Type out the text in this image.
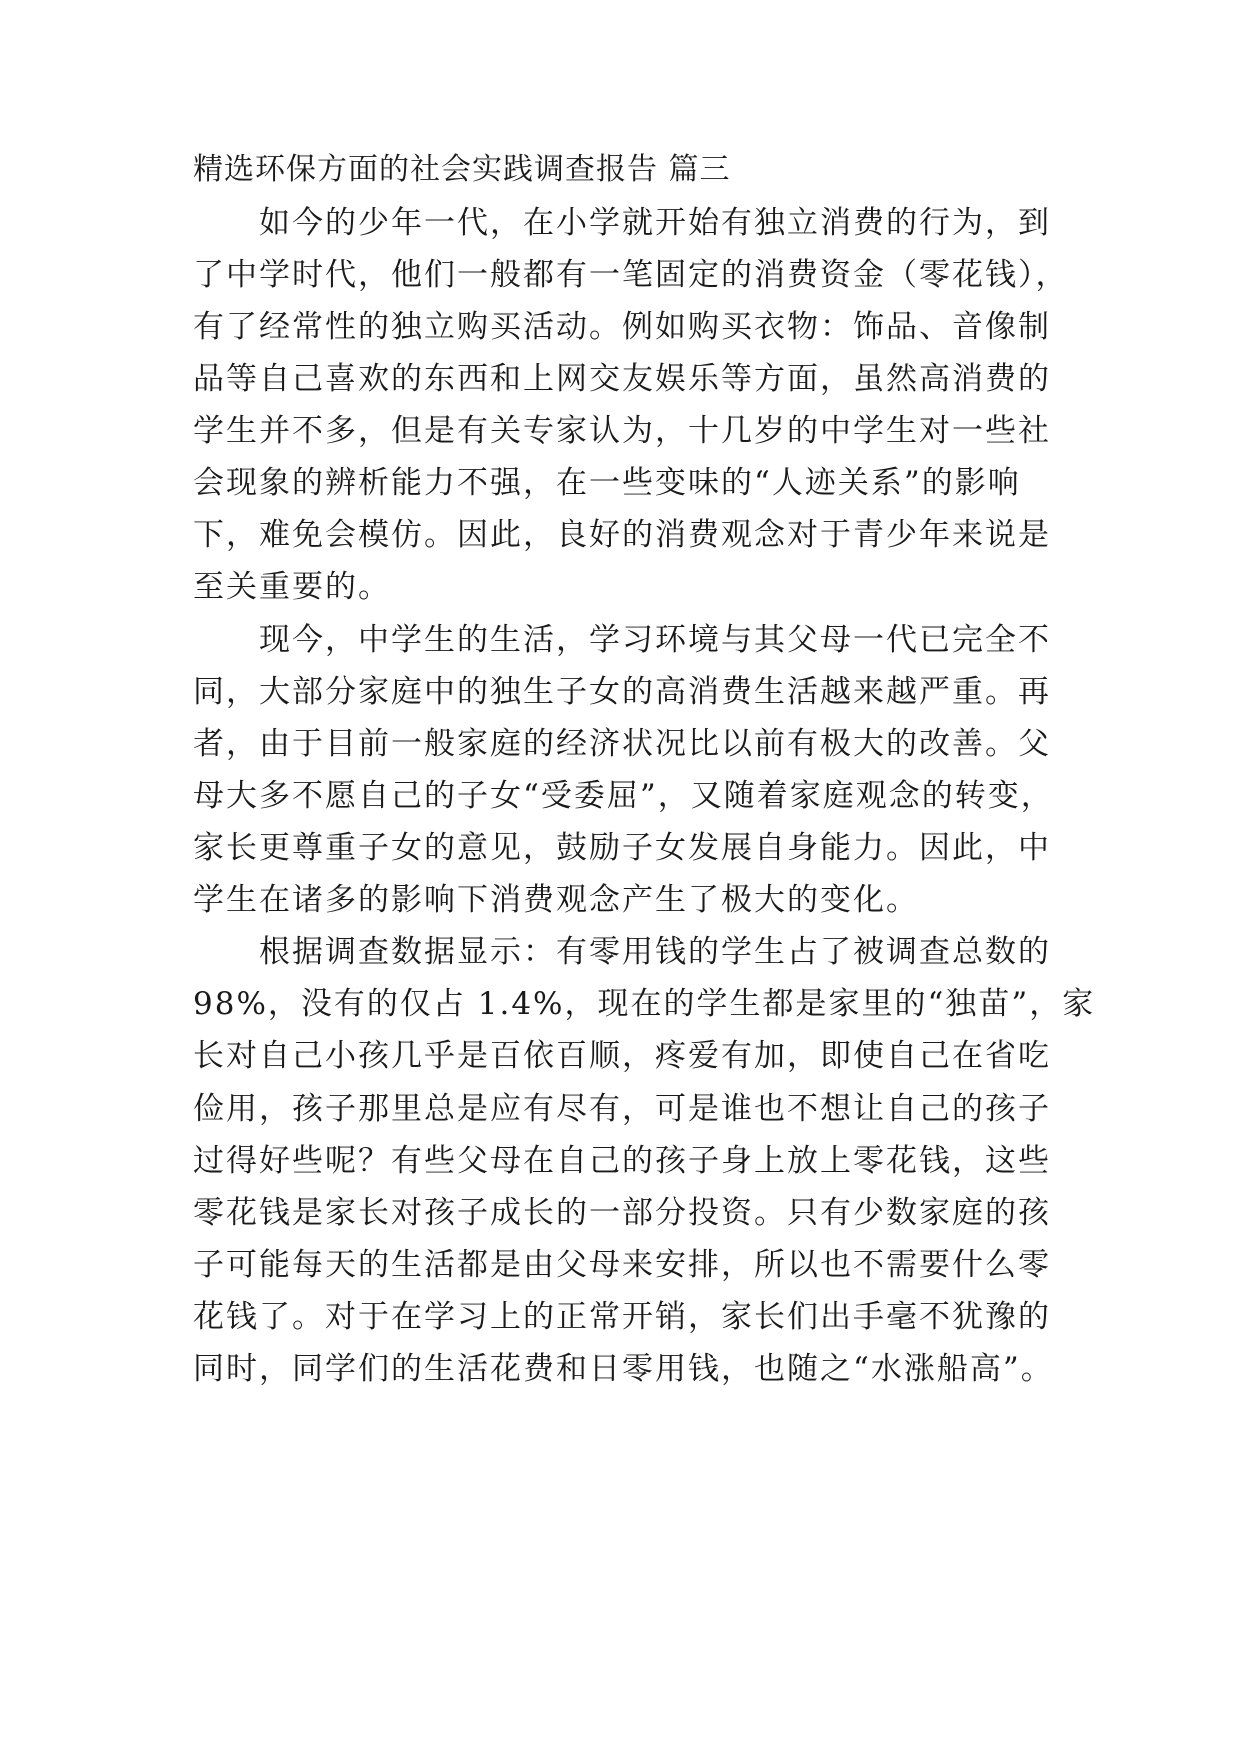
精选环保方面的社会实践调查报告 篇三
　　如今的少年一代，在小学就开始有独立消费的行为，到
了中学时代，他们一般都有一笔固定的消费资金（零花钱），
有了经常性的独立购买活动。例如购买衣物：饰品、音像制
品等自己喜欢的东西和上网交友娱乐等方面，虽然高消费的
学生并不多，但是有关专家认为，十几岁的中学生对一些社
会现象的辨析能力不强，在一些变味的“人迹关系”的影响
下，难免会模仿。因此，良好的消费观念对于青少年来说是
至关重要的。
　　现今，中学生的生活，学习环境与其父母一代已完全不
同，大部分家庭中的独生子女的高消费生活越来越严重。再
者，由于目前一般家庭的经济状况比以前有极大的改善。父
母大多不愿自己的子女“受委屈”，又随着家庭观念的转变，
家长更尊重子女的意见，鼓励子女发展自身能力。因此，中
学生在诸多的影响下消费观念产生了极大的变化。
　　根据调查数据显示：有零用钱的学生占了被调查总数的
98%，没有的仅占 1.4%，现在的学生都是家里的“独苗”，家
长对自己小孩几乎是百依百顺，疼爱有加，即使自己在省吃
俭用，孩子那里总是应有尽有，可是谁也不想让自己的孩子
过得好些呢？有些父母在自己的孩子身上放上零花钱，这些
零花钱是家长对孩子成长的一部分投资。只有少数家庭的孩
子可能每天的生活都是由父母来安排，所以也不需要什么零
花钱了。对于在学习上的正常开销，家长们出手毫不犹豫的
同时，同学们的生活花费和日零用钱，也随之“水涨船高”。
